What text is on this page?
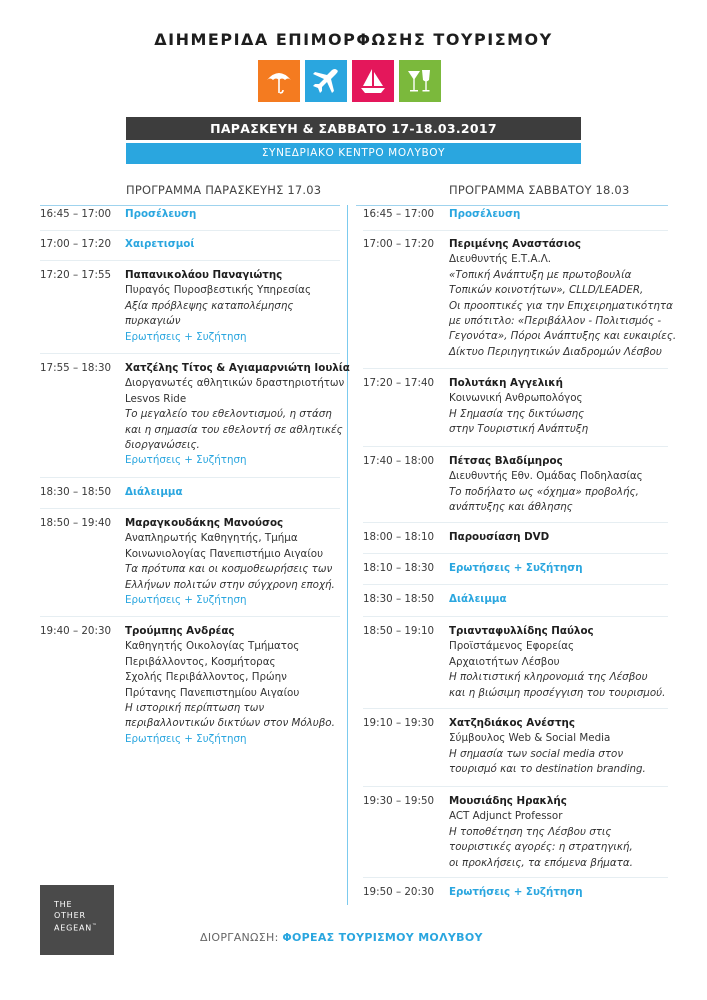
ΔΙΗΜΕΡΙΔΑ ΕΠΙΜΟΡΦΩΣΗΣ ΤΟΥΡΙΣΜΟΥ
ΠΑΡΑΣΚΕΥΗ & ΣΑΒΒΑΤΟ 17-18.03.2017
ΣΥΝΕΔΡΙΑΚΟ ΚΕΝΤΡΟ ΜΟΛΥΒΟΥ
ΠΡΟΓΡΑΜΜΑ ΠΑΡΑΣΚΕΥΗΣ 17.03	ΠΡΟΓΡΑΜΜΑ ΣΑΒΒΑΤΟΥ 18.03
16:45 – 17:00	Προσέλευση
17:00 – 17:20	Χαιρετισμοί
17:20 – 17:55	Παπανικολάου Παναγιώτης
Πυραγός Πυροσβεστικής Υπηρεσίας
Αξία πρόβλεψης καταπολέμησης
πυρκαγιών
Ερωτήσεις + Συζήτηση
17:55 – 18:30	Χατζέλης Τίτος & Αγιαμαρνιώτη Ιουλία
Διοργανωτές αθλητικών δραστηριοτήτων
Lesvos Ride
Το μεγαλείο του εθελοντισμού, η στάση
και η σημασία του εθελοντή σε αθλητικές
διοργανώσεις.
Ερωτήσεις + Συζήτηση
18:30 – 18:50	Διάλειμμα
18:50 – 19:40	Μαραγκουδάκης Μανούσος
Αναπληρωτής Καθηγητής, Τμήμα
Κοινωνιολογίας Πανεπιστήμιο Αιγαίου
Τα πρότυπα και οι κοσμοθεωρήσεις των
Ελλήνων πολιτών στην σύγχρονη εποχή.
Ερωτήσεις + Συζήτηση
19:40 – 20:30	Τρούμπης Ανδρέας
Καθηγητής Οικολογίας Τμήματος
Περιβάλλοντος, Κοσμήτορας
Σχολής Περιβάλλοντος, Πρώην
Πρύτανης Πανεπιστημίου Αιγαίου
Η ιστορική περίπτωση των
περιβαλλοντικών δικτύων στον Μόλυβο.
Ερωτήσεις + Συζήτηση
16:45 – 17:00	Προσέλευση
17:00 – 17:20	Περιμένης Αναστάσιος
Διευθυντής Ε.Τ.Α.Λ.
«Τοπική Ανάπτυξη με πρωτοβουλία
Τοπικών κοινοτήτων», CLLD/LEADER,
Οι προοπτικές για την Επιχειρηματικότητα
με υπότιτλο: «Περιβάλλον - Πολιτισμός -
Γεγονότα», Πόροι Ανάπτυξης και ευκαιρίες.
Δίκτυο Περιηγητικών Διαδρομών Λέσβου
17:20 – 17:40	Πολυτάκη Αγγελική
Κοινωνική Ανθρωπολόγος
Η Σημασία της δικτύωσης
στην Τουριστική Ανάπτυξη
17:40 – 18:00	Πέτσας Βλαδίμηρος
Διευθυντής Εθν. Ομάδας Ποδηλασίας
Το ποδήλατο ως «όχημα» προβολής,
ανάπτυξης και άθλησης
18:00 – 18:10	Παρουσίαση DVD
18:10 – 18:30	Ερωτήσεις + Συζήτηση
18:30 – 18:50	Διάλειμμα
18:50 – 19:10	Τριανταφυλλίδης Παύλος
Προϊστάμενος Εφορείας
Αρχαιοτήτων Λέσβου
Η πολιτιστική κληρονομιά της Λέσβου
και η βιώσιμη προσέγγιση του τουρισμού.
19:10 – 19:30	Χατζηδιάκος Ανέστης
Σύμβουλος Web & Social Media
Η σημασία των social media στον
τουρισμό και το destination branding.
19:30 – 19:50	Μουσιάδης Ηρακλής
ACT Adjunct Professor
Η τοποθέτηση της Λέσβου στις
τουριστικές αγορές: η στρατηγική,
οι προκλήσεις, τα επόμενα βήματα.
19:50 – 20:30	Ερωτήσεις + Συζήτηση
THE
OTHER
AEGEAN™
ΔΙΟΡΓΑΝΩΣΗ: ΦΟΡΕΑΣ ΤΟΥΡΙΣΜΟΥ ΜΟΛΥΒΟΥ
